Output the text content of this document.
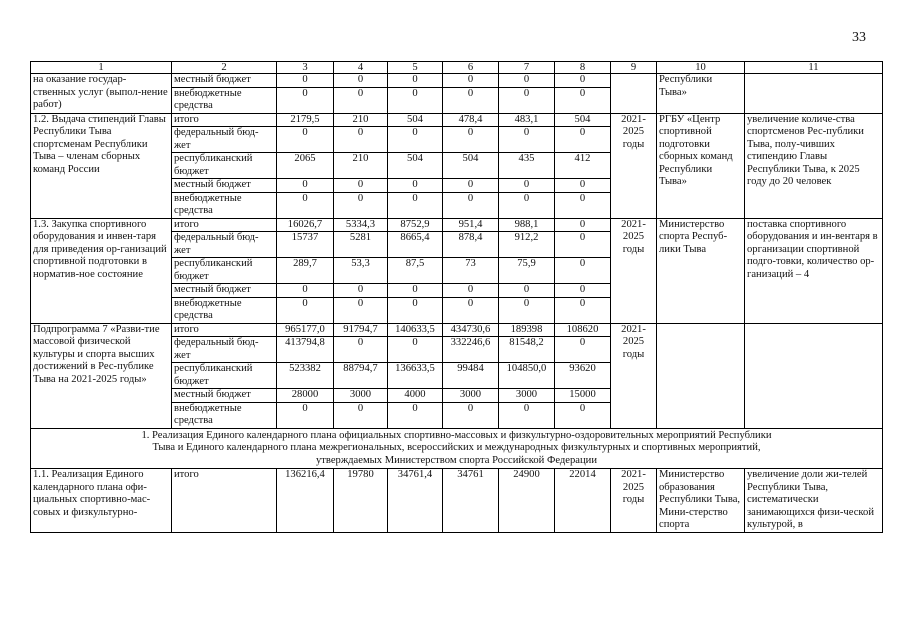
33
1	2	3	4	5	6	7	8	9	10	11
на оказание государ-ственных услуг (выпол-нение работ)	местный бюджет	0	0	0	0	0	0		Республики Тыва»	
	внебюджетные средства	0	0	0	0	0	0			
1.2. Выдача стипендий Главы Республики Тыва спортсменам Республики Тыва – членам сборных команд России	итого	2179,5	210	504	478,4	483,1	504	2021-2025 годы	РГБУ «Центр спортивной подготовки сборных команд Республики Тыва»	увеличение количе-ства спортсменов Рес-публики Тыва, полу-чивших стипендию Главы Республики Тыва, к 2025 году до 20 человек
	федеральный бюд-жет	0	0	0	0	0	0			
	республиканский бюджет	2065	210	504	504	435	412			
	местный бюджет	0	0	0	0	0	0			
	внебюджетные средства	0	0	0	0	0	0			
1.3. Закупка спортивного оборудования и инвен-таря для приведения ор-ганизаций спортивной подготовки в норматив-ное состояние	итого	16026,7	5334,3	8752,9	951,4	988,1	0	2021-2025 годы	Министерство спорта Респуб-лики Тыва	поставка спортивного оборудования и ин-вентаря в организации спортивной подго-товки, количество ор-ганизаций – 4
	федеральный бюд-жет	15737	5281	8665,4	878,4	912,2	0			
	республиканский бюджет	289,7	53,3	87,5	73	75,9	0			
	местный бюджет	0	0	0	0	0	0			
	внебюджетные средства	0	0	0	0	0	0			
Подпрограмма 7 «Разви-тие массовой физической культуры и спорта высших достижений в Рес-публике Тыва на 2021-2025 годы»	итого	965177,0	91794,7	140633,5	434730,6	189398	108620	2021-2025 годы		
	федеральный бюд-жет	413794,8	0	0	332246,6	81548,2	0			
	республиканский бюджет	523382	88794,7	136633,5	99484	104850,0	93620			
	местный бюджет	28000	3000	4000	3000	3000	15000			
	внебюджетные средства	0	0	0	0	0	0			
1. Реализация Единого календарного плана официальных спортивно-массовых и физкультурно-оздоровительных мероприятий Республики Тыва и Единого календарного плана межрегиональных, всероссийских и международных физкультурных и спортивных мероприятий, утверждаемых Министерством спорта Российской Федерации										
1.1. Реализация Единого календарного плана офи-циальных спортивно-мас-совых и физкультурно-	итого	136216,4	19780	34761,4	34761	24900	22014	2021-2025 годы	Министерство образования Республики Тыва, Мини-стерство спорта	увеличение доли жи-телей Республики Тыва, систематически занимающихся физи-ческой культурой, в
